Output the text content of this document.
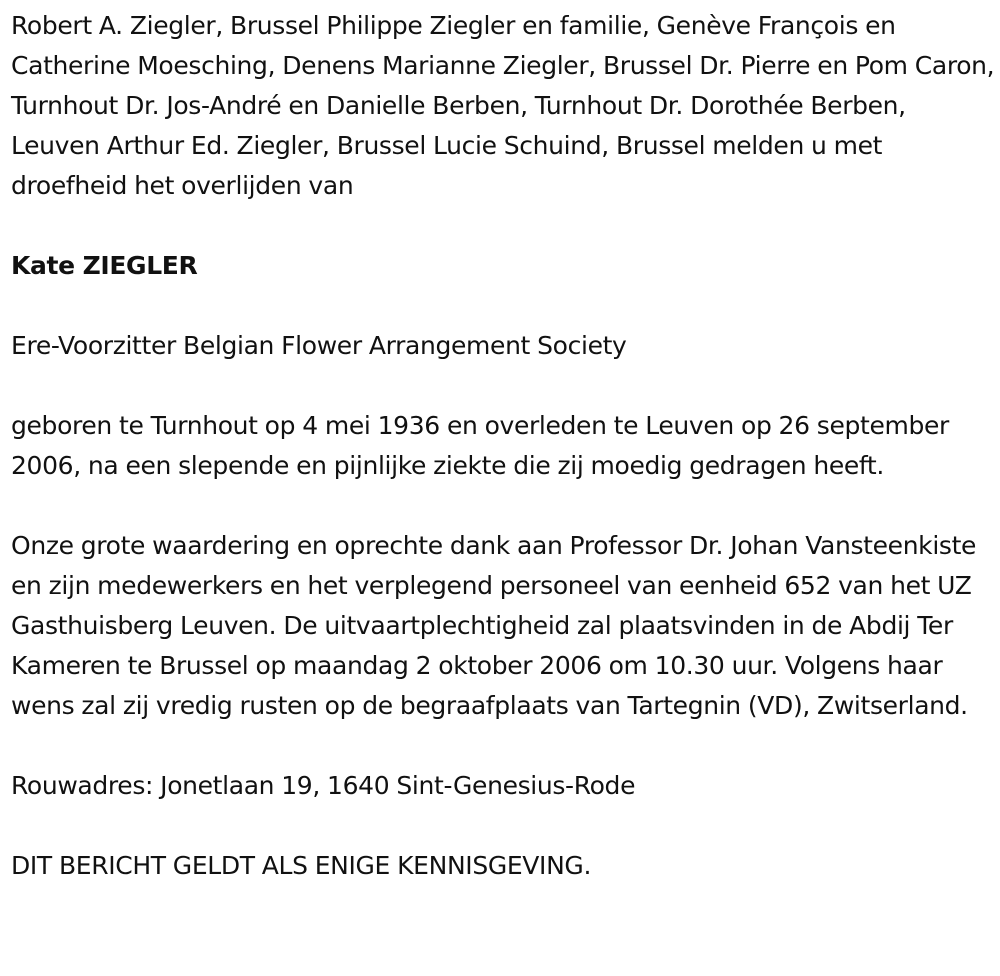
Robert A. Ziegler, Brussel Philippe Ziegler en familie, Genève François en Catherine Moesching, Denens Marianne Ziegler, Brussel Dr. Pierre en Pom Caron, Turnhout Dr. Jos-André en Danielle Berben, Turnhout Dr. Dorothée Berben, Leuven Arthur Ed. Ziegler, Brussel Lucie Schuind, Brussel melden u met droefheid het overlijden van

Kate ZIEGLER

Ere-Voorzitter Belgian Flower Arrangement Society

geboren te Turnhout op 4 mei 1936 en overleden te Leuven op 26 september 2006, na een slepende en pijnlijke ziekte die zij moedig gedragen heeft.

Onze grote waardering en oprechte dank aan Professor Dr. Johan Vansteenkiste en zijn medewerkers en het verplegend personeel van eenheid 652 van het UZ Gasthuisberg Leuven. De uitvaartplechtigheid zal plaatsvinden in de Abdij Ter Kameren te Brussel op maandag 2 oktober 2006 om 10.30 uur. Volgens haar wens zal zij vredig rusten op de begraafplaats van Tartegnin (VD), Zwitserland.

Rouwadres: Jonetlaan 19, 1640 Sint-Genesius-Rode

DIT BERICHT GELDT ALS ENIGE KENNISGEVING.
